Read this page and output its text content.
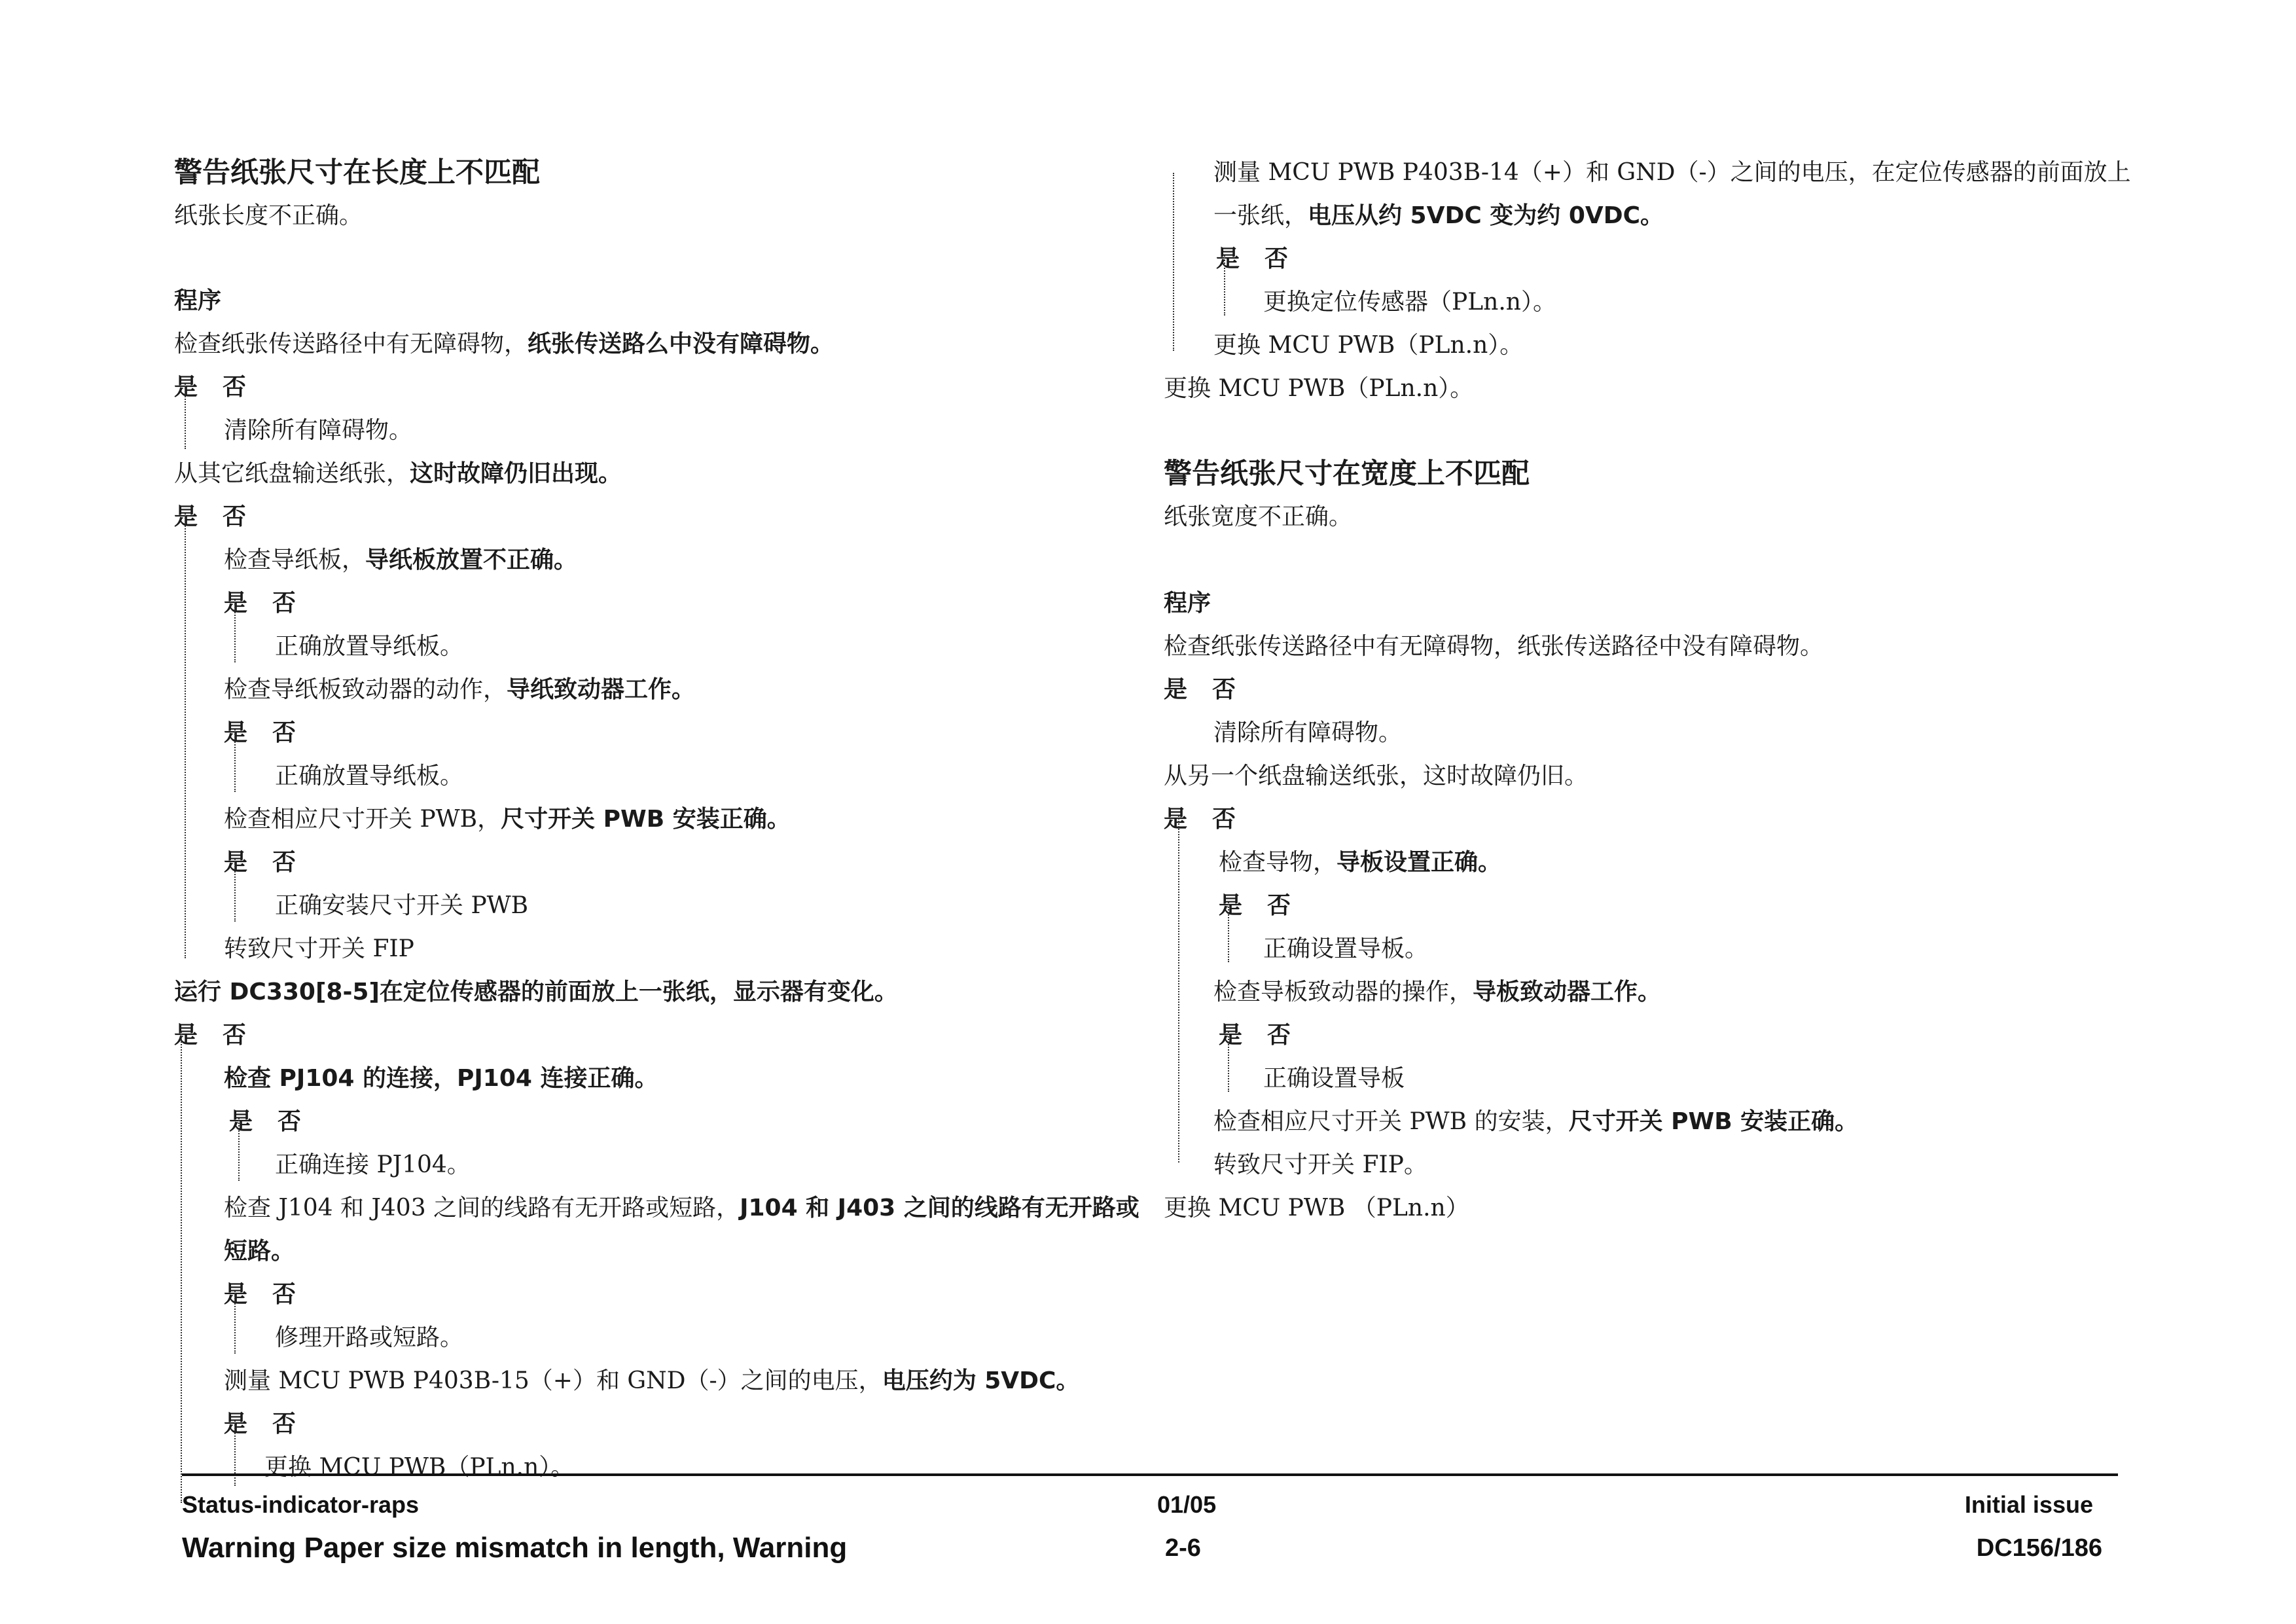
警告纸张尺寸在长度上不匹配
纸张长度不正确。
程序
检查纸张传送路径中有无障碍物，纸张传送路么中没有障碍物。
是 否
清除所有障碍物。
从其它纸盘输送纸张，这时故障仍旧出现。
是 否
检查导纸板，导纸板放置不正确。
是 否
正确放置导纸板。
检查导纸板致动器的动作，导纸致动器工作。
是 否
正确放置导纸板。
检查相应尺寸开关 PWB，尺寸开关 PWB 安装正确。
是 否
正确安装尺寸开关 PWB
转致尺寸开关 FIP
运行 DC330[8-5]在定位传感器的前面放上一张纸，显示器有变化。
是 否
检查 PJ104 的连接，PJ104 连接正确。
是 否
正确连接 PJ104。
检查 J104 和 J403 之间的线路有无开路或短路，J104 和 J403 之间的线路有无开路或
短路。
是 否
修理开路或短路。
测量 MCU PWB P403B-15（+）和 GND（-）之间的电压，电压约为 5VDC。
是 否
更换 MCU PWB（PLn.n）。
测量 MCU PWB P403B-14（+）和 GND（-）之间的电压，在定位传感器的前面放上
一张纸，电压从约 5VDC 变为约 0VDC。
是 否
更换定位传感器（PLn.n）。
更换 MCU PWB（PLn.n）。
更换 MCU PWB（PLn.n）。
警告纸张尺寸在宽度上不匹配
纸张宽度不正确。
程序
检查纸张传送路径中有无障碍物，纸张传送路径中没有障碍物。
是 否
清除所有障碍物。
从另一个纸盘输送纸张，这时故障仍旧。
是 否
检查导物，导板设置正确。
是 否
正确设置导板。
检查导板致动器的操作，导板致动器工作。
是 否
正确设置导板
检查相应尺寸开关 PWB 的安装，尺寸开关 PWB 安装正确。
转致尺寸开关 FIP。
更换 MCU PWB （PLn.n）
Status-indicator-raps	01/05	Initial issue
Warning Paper size mismatch in length, Warning	2-6	DC156/186
